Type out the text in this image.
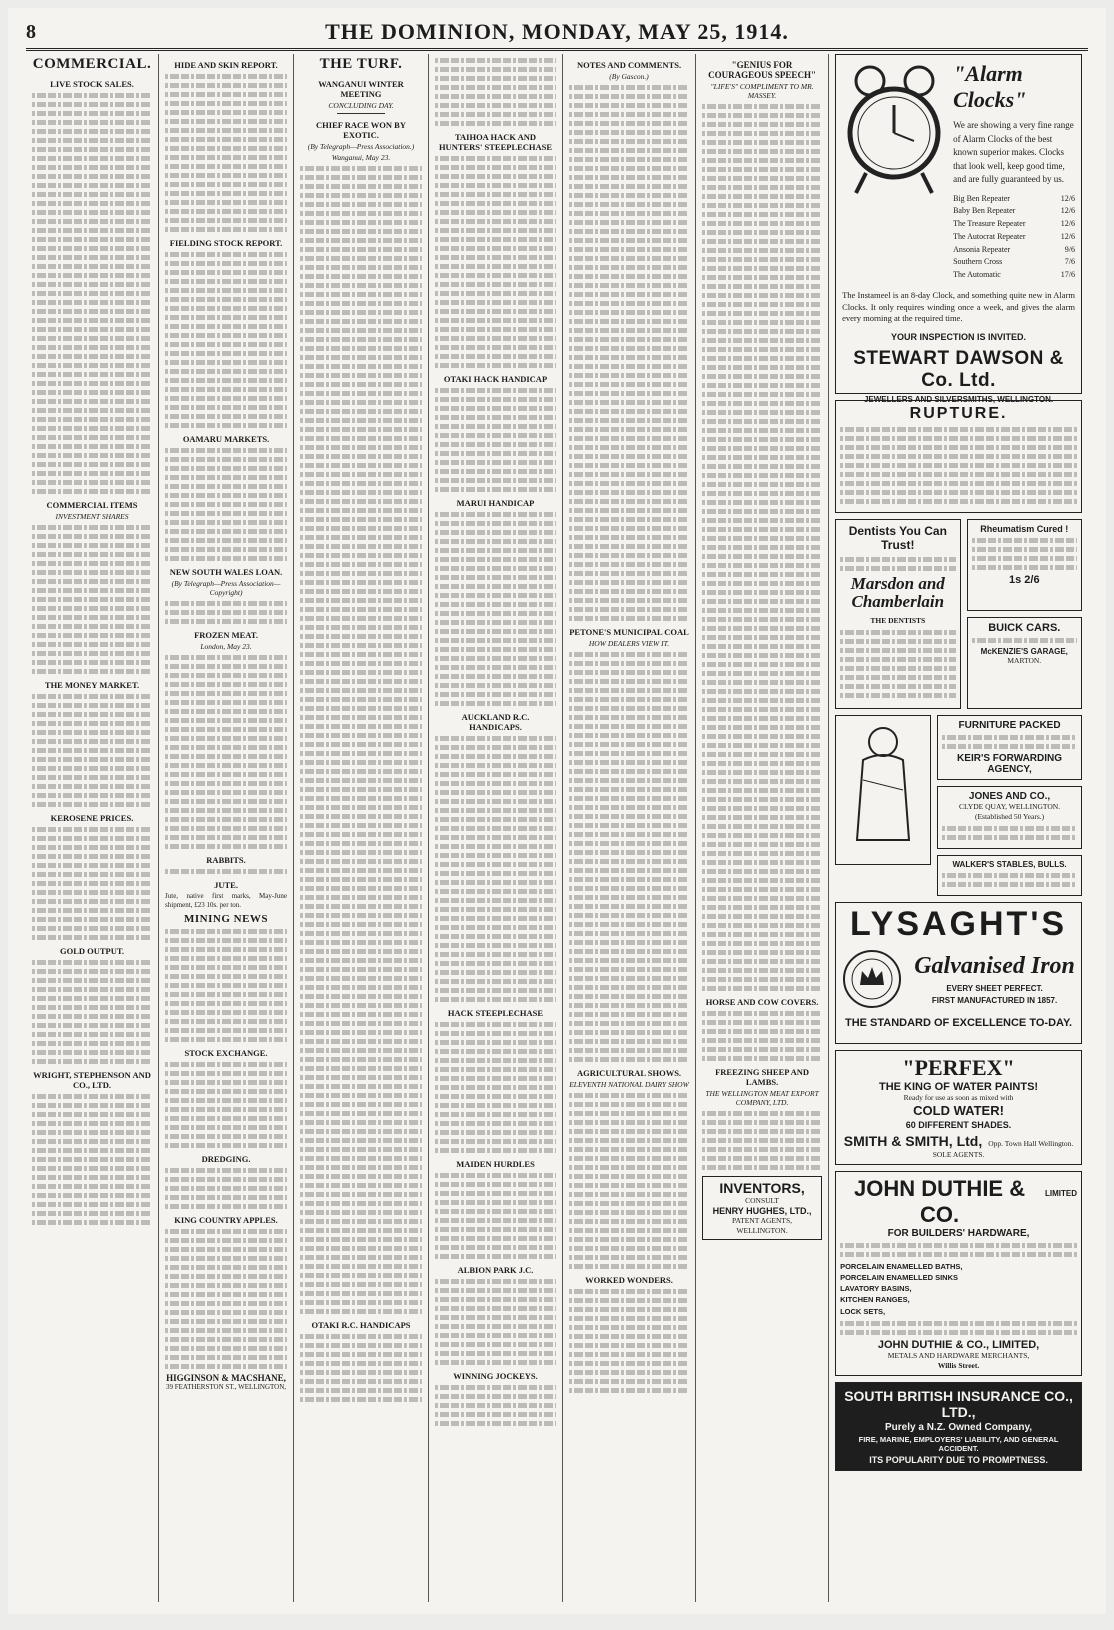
8	THE DOMINION, MONDAY, MAY 25, 1914.
COMMERCIAL.
LIVE STOCK SALES.
COMMERCIAL ITEMS
INVESTMENT SHARES
THE MONEY MARKET.
KEROSENE PRICES.
GOLD OUTPUT.
WRIGHT, STEPHENSON AND CO., LTD.
HIDE AND SKIN REPORT.
FIELDING STOCK REPORT.
OAMARU MARKETS.
NEW SOUTH WALES LOAN.
(By Telegraph—Press Association—Copyright)
FROZEN MEAT.
London, May 23.
RABBITS.
JUTE.
Jute, native first marks, May-June shipment, £23 10s. per ton.
MINING NEWS
STOCK EXCHANGE.
DREDGING.
KING COUNTRY APPLES.
HIGGINSON & MACSHANE,
39 FEATHERSTON ST., WELLINGTON,
THE TURF.
WANGANUI WINTER MEETING
CONCLUDING DAY.
CHIEF RACE WON BY EXOTIC.
(By Telegraph—Press Association.)
Wanganui, May 23.
OTAKI R.C. HANDICAPS
TAIHOA HACK AND HUNTERS' STEEPLECHASE
OTAKI HACK HANDICAP
MARUI HANDICAP
AUCKLAND R.C. HANDICAPS.
HACK STEEPLECHASE
MAIDEN HURDLES
ALBION PARK J.C.
WINNING JOCKEYS.
NOTES AND COMMENTS.
(By Gascon.)
PETONE'S MUNICIPAL COAL
HOW DEALERS VIEW IT.
AGRICULTURAL SHOWS.
ELEVENTH NATIONAL DAIRY SHOW
WORKED WONDERS.
"GENIUS FOR COURAGEOUS SPEECH"
"LIFE'S" COMPLIMENT TO MR. MASSEY.
HORSE AND COW COVERS.
FREEZING SHEEP AND LAMBS.
THE WELLINGTON MEAT EXPORT COMPANY, LTD.
INVENTORS,
CONSULT
HENRY HUGHES, LTD.,
PATENT AGENTS,
WELLINGTON.
"Alarm Clocks"
We are showing a very fine range of Alarm Clocks of the best known superior makes. Clocks that look well, keep good time, and are fully guaranteed by us.
Big Ben Repeater	12/6
Baby Ben Repeater	12/6
The Treasure Repeater	12/6
The Autocrat Repeater	12/6
Ansonia Repeater	9/6
Southern Cross	7/6
The Automatic	17/6
The Instameel is an 8-day Clock, and something quite new in Alarm Clocks. It only requires winding once a week, and gives the alarm every morning at the required time.
YOUR INSPECTION IS INVITED.
STEWART DAWSON & Co. Ltd.
JEWELLERS AND SILVERSMITHS, WELLINGTON.
RUPTURE.
Dentists You Can Trust!
Marsdon and Chamberlain
THE DENTISTS
Rheumatism Cured !
1s 2/6
BUICK CARS.
McKENZIE'S GARAGE,
MARTON.
FURNITURE PACKED
KEIR'S FORWARDING AGENCY,
JONES AND CO.,
CLYDE QUAY, WELLINGTON.
(Established 50 Years.)
WALKER'S STABLES, BULLS.
LYSAGHT'S
Galvanised Iron
EVERY SHEET PERFECT.
FIRST MANUFACTURED IN 1857.
THE STANDARD OF EXCELLENCE TO-DAY.
"PERFEX"
THE KING OF WATER PAINTS!
Ready for use as soon as mixed with
COLD WATER!
60 DIFFERENT SHADES.
SMITH & SMITH, Ltd, Opp. Town Hall Wellington.
SOLE AGENTS.
JOHN DUTHIE & CO.
LIMITED
FOR BUILDERS' HARDWARE,
PORCELAIN ENAMELLED BATHS,
PORCELAIN ENAMELLED SINKS
LAVATORY BASINS,
KITCHEN RANGES,
LOCK SETS,
JOHN DUTHIE & CO., LIMITED,
METALS AND HARDWARE MERCHANTS,
Willis Street.
SOUTH BRITISH INSURANCE CO., LTD.,
Purely a N.Z. Owned Company,
FIRE, MARINE, EMPLOYERS' LIABILITY, AND GENERAL ACCIDENT.
ITS POPULARITY DUE TO PROMPTNESS.
